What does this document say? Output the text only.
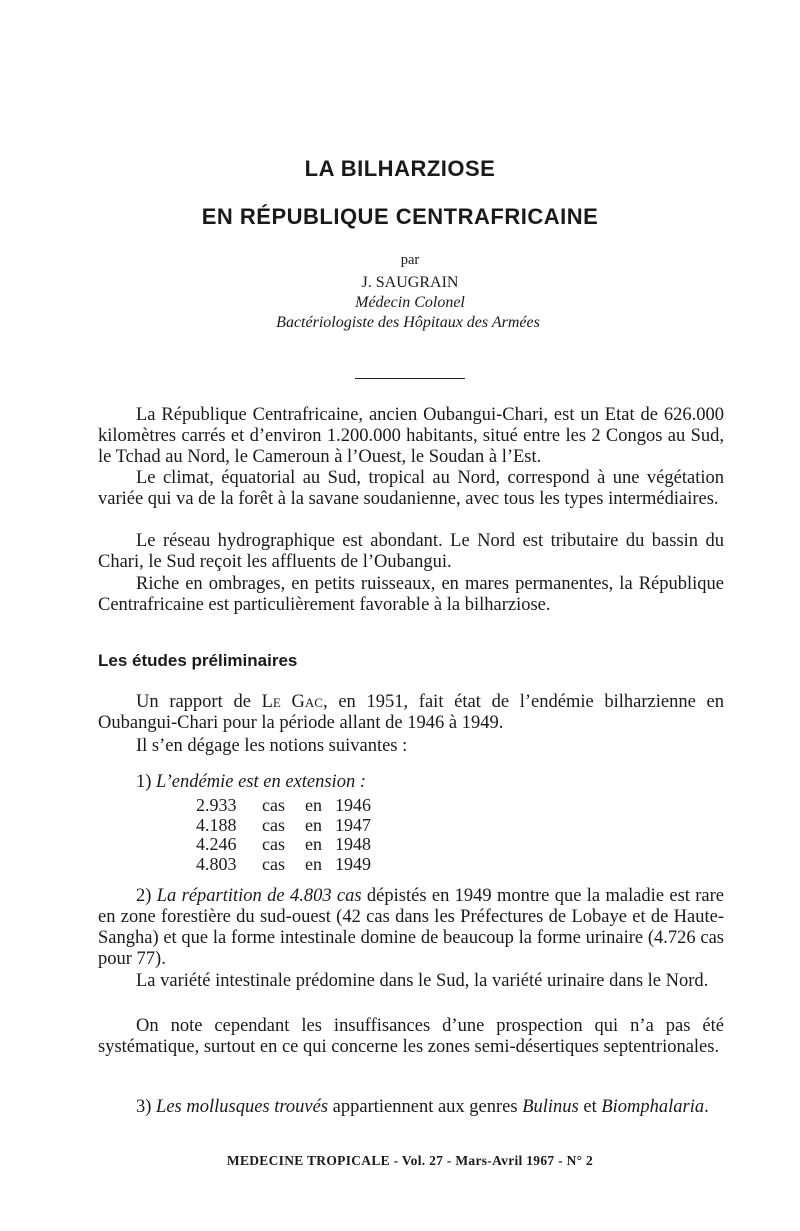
LA BILHARZIOSE
EN RÉPUBLIQUE CENTRAFRICAINE
par
J. SAUGRAIN
Médecin Colonel
Bactériologiste des Hôpitaux des Armées

La République Centrafricaine, ancien Oubangui-Chari, est un Etat de 626.000 kilomètres carrés et d’environ 1.200.000 habitants, situé entre les 2 Congos au Sud, le Tchad au Nord, le Cameroun à l’Ouest, le Soudan à l’Est.

Le climat, équatorial au Sud, tropical au Nord, correspond à une végétation variée qui va de la forêt à la savane soudanienne, avec tous les types intermédiaires.

Le réseau hydrographique est abondant. Le Nord est tributaire du bassin du Chari, le Sud reçoit les affluents de l’Oubangui.

Riche en ombrages, en petits ruisseaux, en mares permanentes, la République Centrafricaine est particulièrement favorable à la bilharziose.

Les études préliminaires

Un rapport de Le Gac, en 1951, fait état de l’endémie bilharzienne en Oubangui-Chari pour la période allant de 1946 à 1949.

Il s’en dégage les notions suivantes :

1) L’endémie est en extension :

2.933 cas en 1946
4.188 cas en 1947
4.246 cas en 1948
4.803 cas en 1949

2) La répartition de 4.803 cas dépistés en 1949 montre que la maladie est rare en zone forestière du sud-ouest (42 cas dans les Préfectures de Lobaye et de Haute-Sangha) et que la forme intestinale domine de beaucoup la forme urinaire (4.726 cas pour 77).

La variété intestinale prédomine dans le Sud, la variété urinaire dans le Nord.

On note cependant les insuffisances d’une prospection qui n’a pas été systématique, surtout en ce qui concerne les zones semi-désertiques septentrionales.

3) Les mollusques trouvés appartiennent aux genres Bulinus et Biomphalaria.

MEDECINE TROPICALE - Vol. 27 - Mars-Avril 1967 - N° 2
